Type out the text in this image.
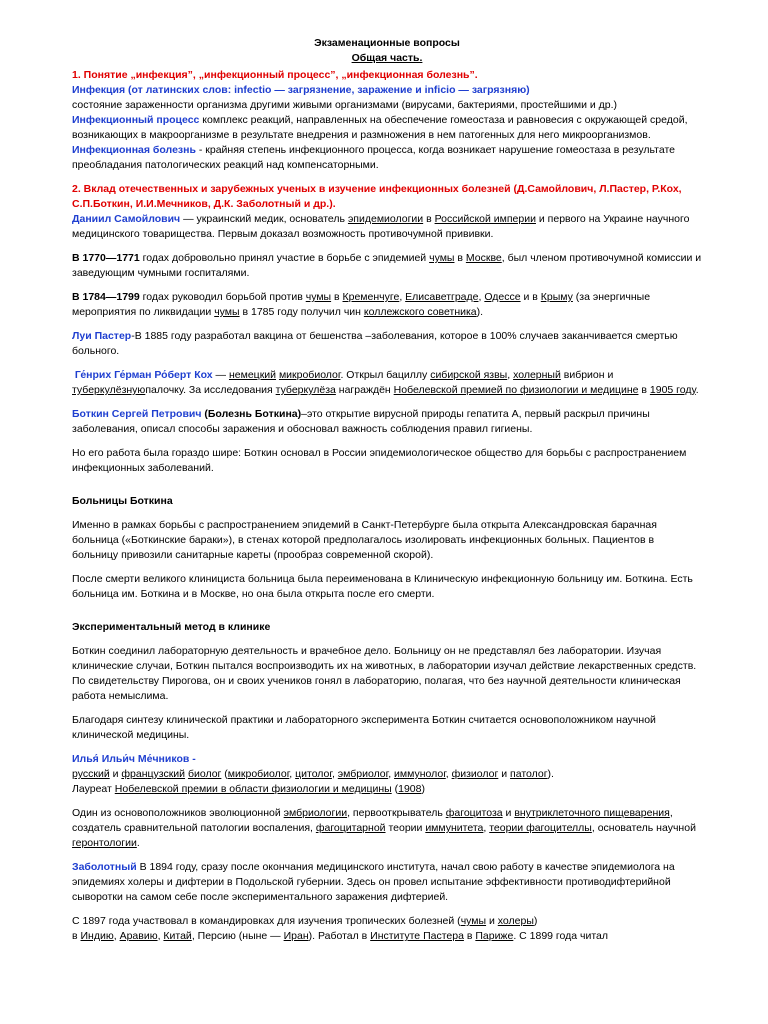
Экзаменационные вопросы

Общая часть.

1. Понятие „инфекция”, „инфекционный процесс”, „инфекционная болезнь”.

Инфекция (от латинских слов: infectio — загрязнение, заражение и inficio — загрязняю)

состояние зараженности организма другими живыми организмами (вирусами, бактериями, простейшими и др.)

Инфекционный процесс комплекс реакций, направленных на обеспечение гомеостаза и равновесия с окружающей средой, возникающих в макроорганизме в результате внедрения и размножения в нем патогенных для него микроорганизмов.

Инфекционная болезнь - крайняя степень инфекционного процесса, когда возникает нарушение гомеостаза в результате преобладания патологических реакций над компенсаторными.

2. Вклад отечественных и зарубежных ученых в изучение инфекционных болезней (Д.Самойлович, Л.Пастер, Р.Кох, С.П.Боткин, И.И.Мечников, Д.К. Заболотный и др.).

Даниил Самойлович — украинский медик, основатель эпидемиологии в Российской империи и первого на Украине научного медицинского товарищества. Первым доказал возможность противочумной прививки.

В 1770—1771 годах добровольно принял участие в борьбе с эпидемией чумы в Москве, был членом противочумной комиссии и заведующим чумными госпиталями.

В 1784—1799 годах руководил борьбой против чумы в Кременчуге, Елисаветграде, Одессе и в Крыму (за энергичные мероприятия по ликвидации чумы в 1785 году получил чин коллежского советника).

Луи Пастер-В 1885 году разработал вакцина от бешенства –заболевания, которое в 100% случаев заканчивается смертью больного.

Ге́нрих Ге́рман Ро́берт Кох — немецкий микробиолог. Открыл бациллу сибирской язвы, холерный вибрион и туберкулёзнуюпалочку. За исследования туберкулёза награждён Нобелевской премией по физиологии и медицине в 1905 году.

Боткин Сергей Петрович (Болезнь Боткина)–это открытие вирусной природы гепатита А, первый раскрыл причины заболевания, описал способы заражения и обосновал важность соблюдения правил гигиены.

Но его работа была гораздо шире: Боткин основал в России эпидемиологическое общество для борьбы с распространением инфекционных заболеваний.

Больницы Боткина

Именно в рамках борьбы с распространением эпидемий в Санкт-Петербурге была открыта Александровская барачная больница («Боткинские бараки»), в стенах которой предполагалось изолировать инфекционных больных. Пациентов в больницу привозили санитарные кареты (прообраз современной скорой).

После смерти великого клинициста больница была переименована в Клиническую инфекционную больницу им. Боткина. Есть больница им. Боткина и в Москве, но она была открыта после его смерти.

Экспериментальный метод в клинике

Боткин соединил лабораторную деятельность и врачебное дело. Больницу он не представлял без лаборатории. Изучая клинические случаи, Боткин пытался воспроизводить их на животных, в лаборатории изучал действие лекарственных средств. По свидетельству Пирогова, он и своих учеников гонял в лабораторию, полагая, что без научной деятельности клиническая работа немыслима.

Благодаря синтезу клинической практики и лабораторного эксперимента Боткин считается основоположником научной клинической медицины.

Илья́ Ильи́ч Ме́чников -

русский и французский биолог (микробиолог, цитолог, эмбриолог, иммунолог, физиолог и патолог).

Лауреат Нобелевской премии в области физиологии и медицины (1908)

Один из основоположников эволюционной эмбриологии, первооткрыватель фагоцитоза и внутриклеточного пищеварения, создатель сравнительной патологии воспаления, фагоцитарной теории иммунитета, теории фагоцителлы, основатель научной геронтологии.

Заболотный В 1894 году, сразу после окончания медицинского института, начал свою работу в качестве эпидемиолога на эпидемиях холеры и дифтерии в Подольской губернии. Здесь он провел испытание эффективности противодифтерийной сыворотки на самом себе после экспериментального заражения дифтерией.

С 1897 года участвовал в командировках для изучения тропических болезней (чумы и холеры)
в Индию, Аравию, Китай, Персию (ныне — Иран). Работал в Институте Пастера в Париже. С 1899 года читал
